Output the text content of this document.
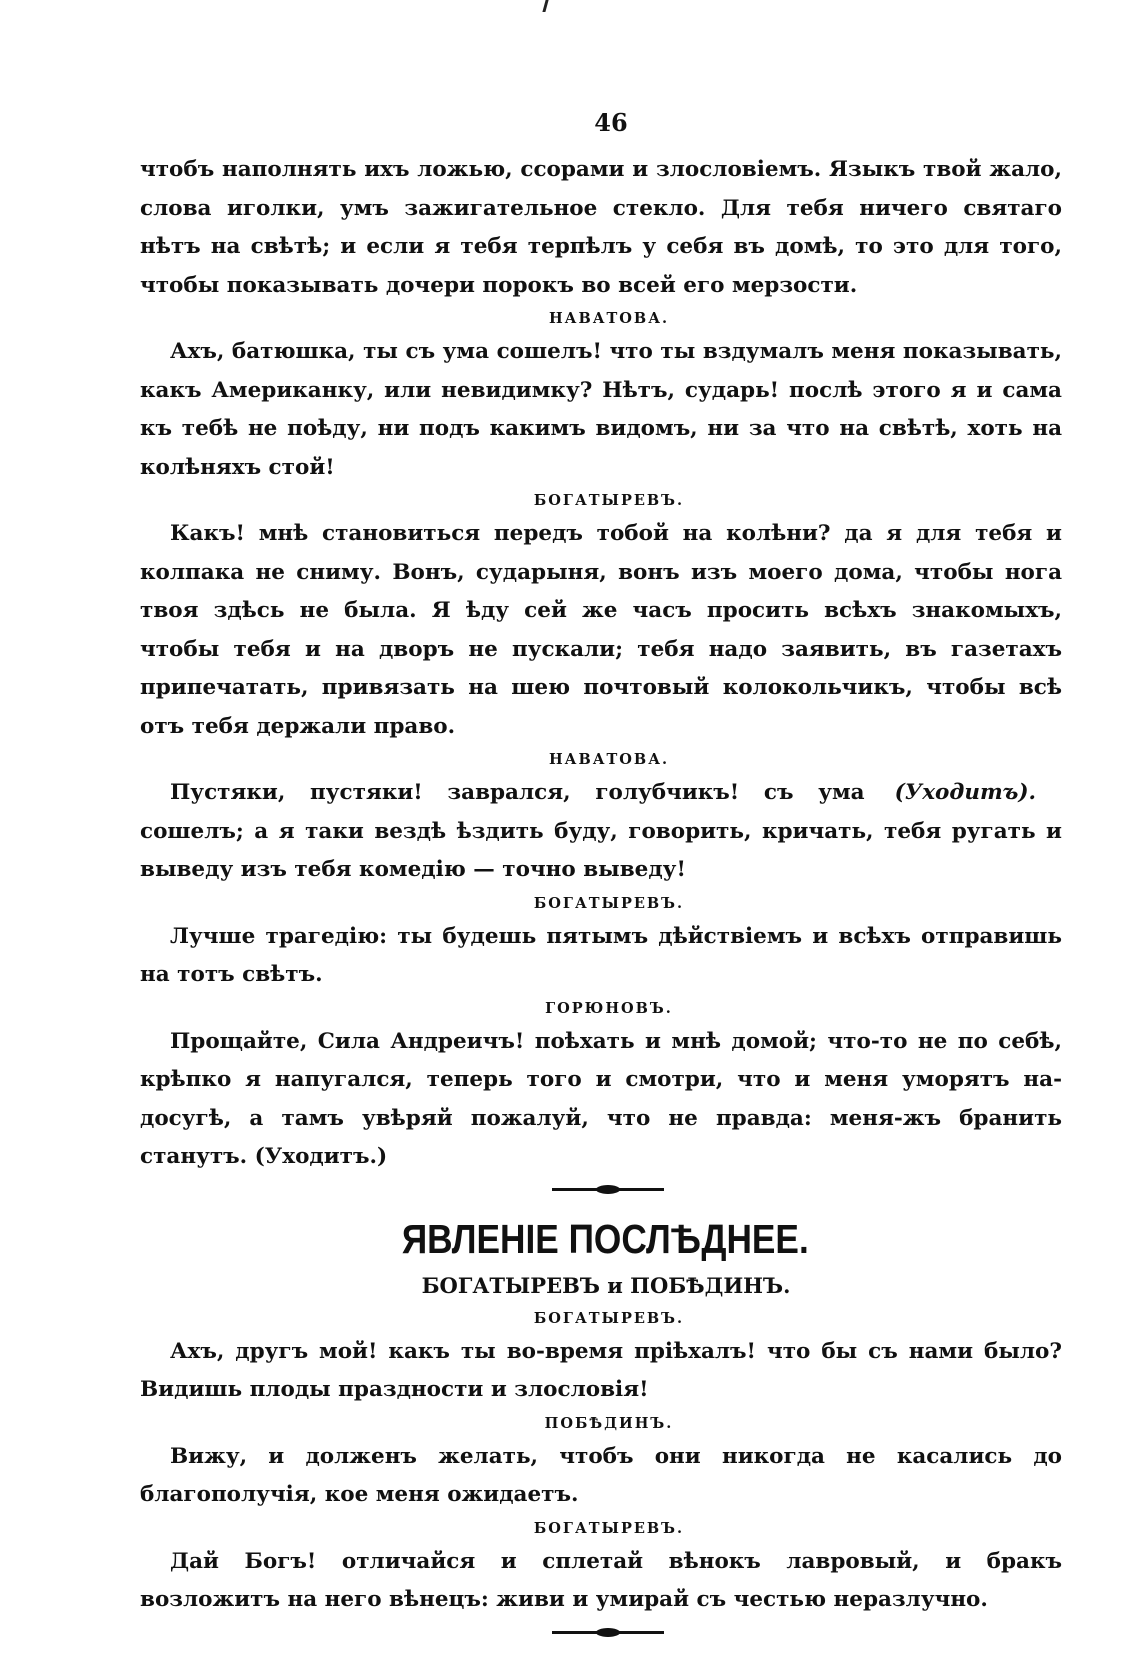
46

чтобъ наполнять ихъ ложью, ссорами и злословіемъ. Языкъ твой жало, слова иголки, умъ зажигательное стекло. Для тебя ничего святаго нѣтъ на свѣтѣ; и если я тебя терпѣлъ у себя въ домѣ, то это для того, чтобы показывать дочери порокъ во всей его мерзости.

НАВАТОВА.

Ахъ, батюшка, ты съ ума сошелъ! что ты вздумалъ меня показывать, какъ Американку, или невидимку? Нѣтъ, сударь! послѣ этого я и сама къ тебѣ не поѣду, ни подъ какимъ видомъ, ни за что на свѣтѣ, хоть на колѣняхъ стой!

БОГАТЫРЕВЪ.

Какъ! мнѣ становиться передъ тобой на колѣни? да я для тебя и колпака не сниму. Вонъ, сударыня, вонъ изъ моего дома, чтобы нога твоя здѣсь не была. Я ѣду сей же часъ просить всѣхъ знакомыхъ, чтобы тебя и на дворъ не пускали; тебя надо заявить, въ газетахъ припечатать, привязать на шею почтовый колокольчикъ, чтобы всѣ отъ тебя держали право.

НАВАТОВА.

(Уходитъ).
Пустяки, пустяки! заврался, голубчикъ! съ ума сошелъ; а я таки вездѣ ѣздить буду, говорить, кричать, тебя ругать и выведу изъ тебя комедію — точно выведу!

БОГАТЫРЕВЪ.

Лучше трагедію: ты будешь пятымъ дѣйствіемъ и всѣхъ отправишь на тотъ свѣтъ.

ГОРЮНОВЪ.

Прощайте, Сила Андреичъ! поѣхать и мнѣ домой; что-то не по себѣ, крѣпко я напугался, теперь того и смотри, что и меня уморятъ на-досугѣ, а тамъ увѣряй пожалуй, что не правда: меня-жъ бранить станутъ. (Уходитъ.)

ЯВЛЕНІЕ ПОСЛѢДНЕЕ.
БОГАТЫРЕВЪ и ПОБѢДИНЪ.
БОГАТЫРЕВЪ.

Ахъ, другъ мой! какъ ты во-время пріѣхалъ! что бы съ нами было? Видишь плоды праздности и злословія!

ПОБѢДИНЪ.

Вижу, и долженъ желать, чтобъ они никогда не касались до благополучія, кое меня ожидаетъ.

БОГАТЫРЕВЪ.

Дай Богъ! отличайся и сплетай вѣнокъ лавровый, и бракъ возложитъ на него вѣнецъ: живи и умирай съ честью неразлучно.
